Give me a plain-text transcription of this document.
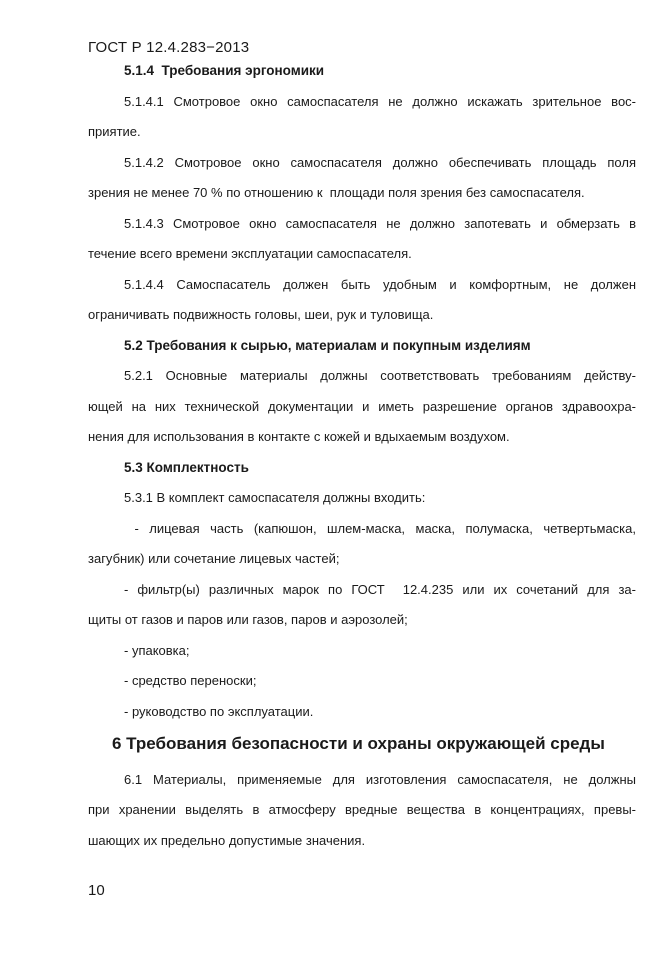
ГОСТ Р 12.4.283−2013
5.1.4  Требования эргономики
5.1.4.1 Смотровое окно самоспасателя не должно искажать зрительное вос-
приятие.
5.1.4.2 Смотровое окно самоспасателя должно обеспечивать площадь поля
зрения не менее 70 % по отношению к  площади поля зрения без самоспасателя.
5.1.4.3 Смотровое окно самоспасателя не должно запотевать и обмерзать в
течение всего времени эксплуатации самоспасателя.
5.1.4.4 Самоспасатель должен быть удобным и комфортным, не должен
ограничивать подвижность головы, шеи, рук и туловища.
5.2 Требования к сырью, материалам и покупным изделиям
5.2.1 Основные материалы должны соответствовать требованиям действу-
ющей на них технической документации и иметь разрешение органов здравоохра-
нения для использования в контакте с кожей и вдыхаемым воздухом.
5.3 Комплектность
5.3.1 В комплект самоспасателя должны входить:
- лицевая часть (капюшон, шлем-маска, маска, полумаска, четвертьмаска,
загубник) или сочетание лицевых частей;
- фильтр(ы) различных марок по ГОСТ  12.4.235 или их сочетаний для за-
щиты от газов и паров или газов, паров и аэрозолей;
- упаковка;
- средство переноски;
- руководство по эксплуатации.
6 Требования безопасности и охраны окружающей среды
6.1 Материалы, применяемые для изготовления самоспасателя, не должны
при хранении выделять в атмосферу вредные вещества в концентрациях, превы-
шающих их предельно допустимые значения.
10
